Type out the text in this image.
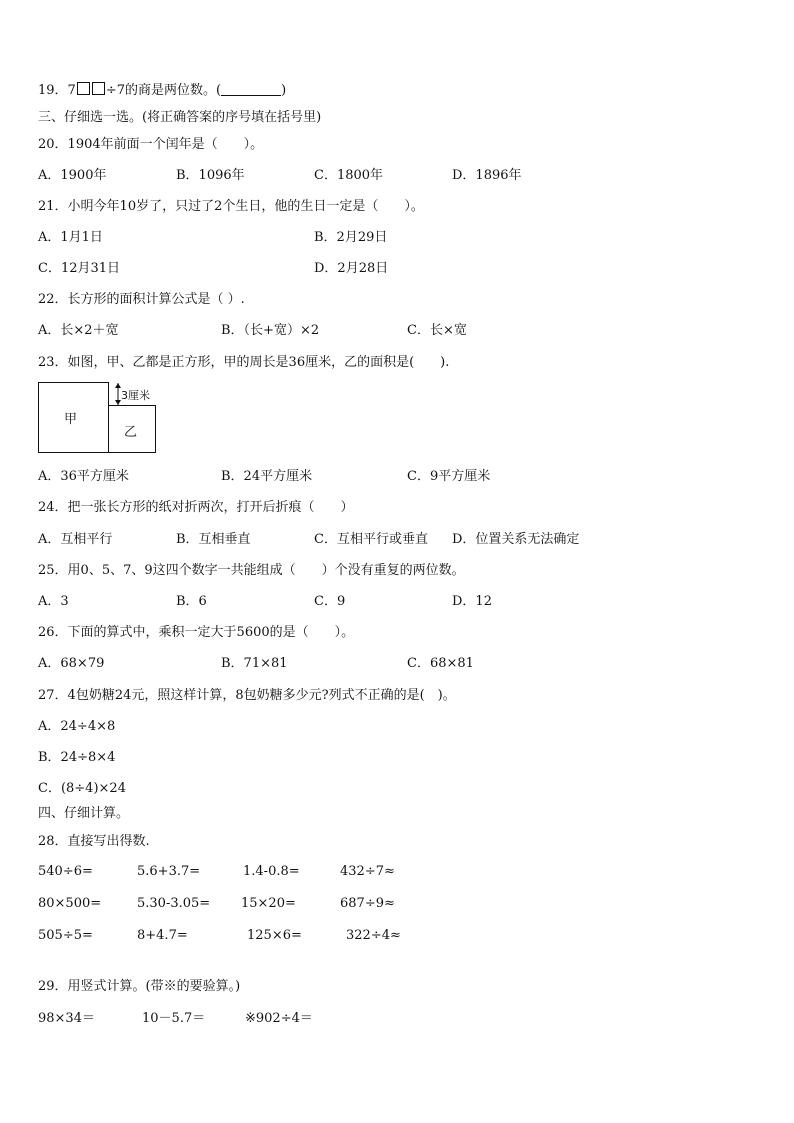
19．7 ÷7的商是两位数。(	)
三、仔细选一选。(将正确答案的序号填在括号里)
20．1904年前面一个闰年是（　　）。
A．1900年	B．1096年	C．1800年	D．1896年
21．小明今年10岁了，只过了2个生日，他的生日一定是（　　）。
A．1月1日	B．2月29日
C．12月31日	D．2月28日
22．长方形的面积计算公式是（ ）.
A．长×2＋宽	B．（长+宽）×2	C．长×宽
23．如图，甲、乙都是正方形，甲的周长是36厘米，乙的面积是(　　).
甲
乙
3厘米
A．36平方厘米	B．24平方厘米	C．9平方厘米
24．把一张长方形的纸对折两次，打开后折痕（　　）
A．互相平行	B．互相垂直	C．互相平行或垂直 D．位置关系无法确定
25．用0、5、7、9这四个数字一共能组成（　　）个没有重复的两位数。
A．3	B．6	C．9	D．12
26．下面的算式中，乘积一定大于5600的是（　　）。
A．68×79	B．71×81	C．68×81
27．4包奶糖24元，照这样计算，8包奶糖多少元?列式不正确的是(　)。
A．24÷4×8
B．24÷8×4
C．(8÷4)×24
四、仔细计算。
28．直接写出得数.
540÷6=	5.6+3.7=	1.4-0.8=	432÷7≈
80×500=	5.30-3.05= 15×20=	687÷9≈
505÷5=	8+4.7=	125×6=	322÷4≈
29．用竖式计算。(带※的要验算。)
98×34＝	10－5.7＝	※902÷4＝
